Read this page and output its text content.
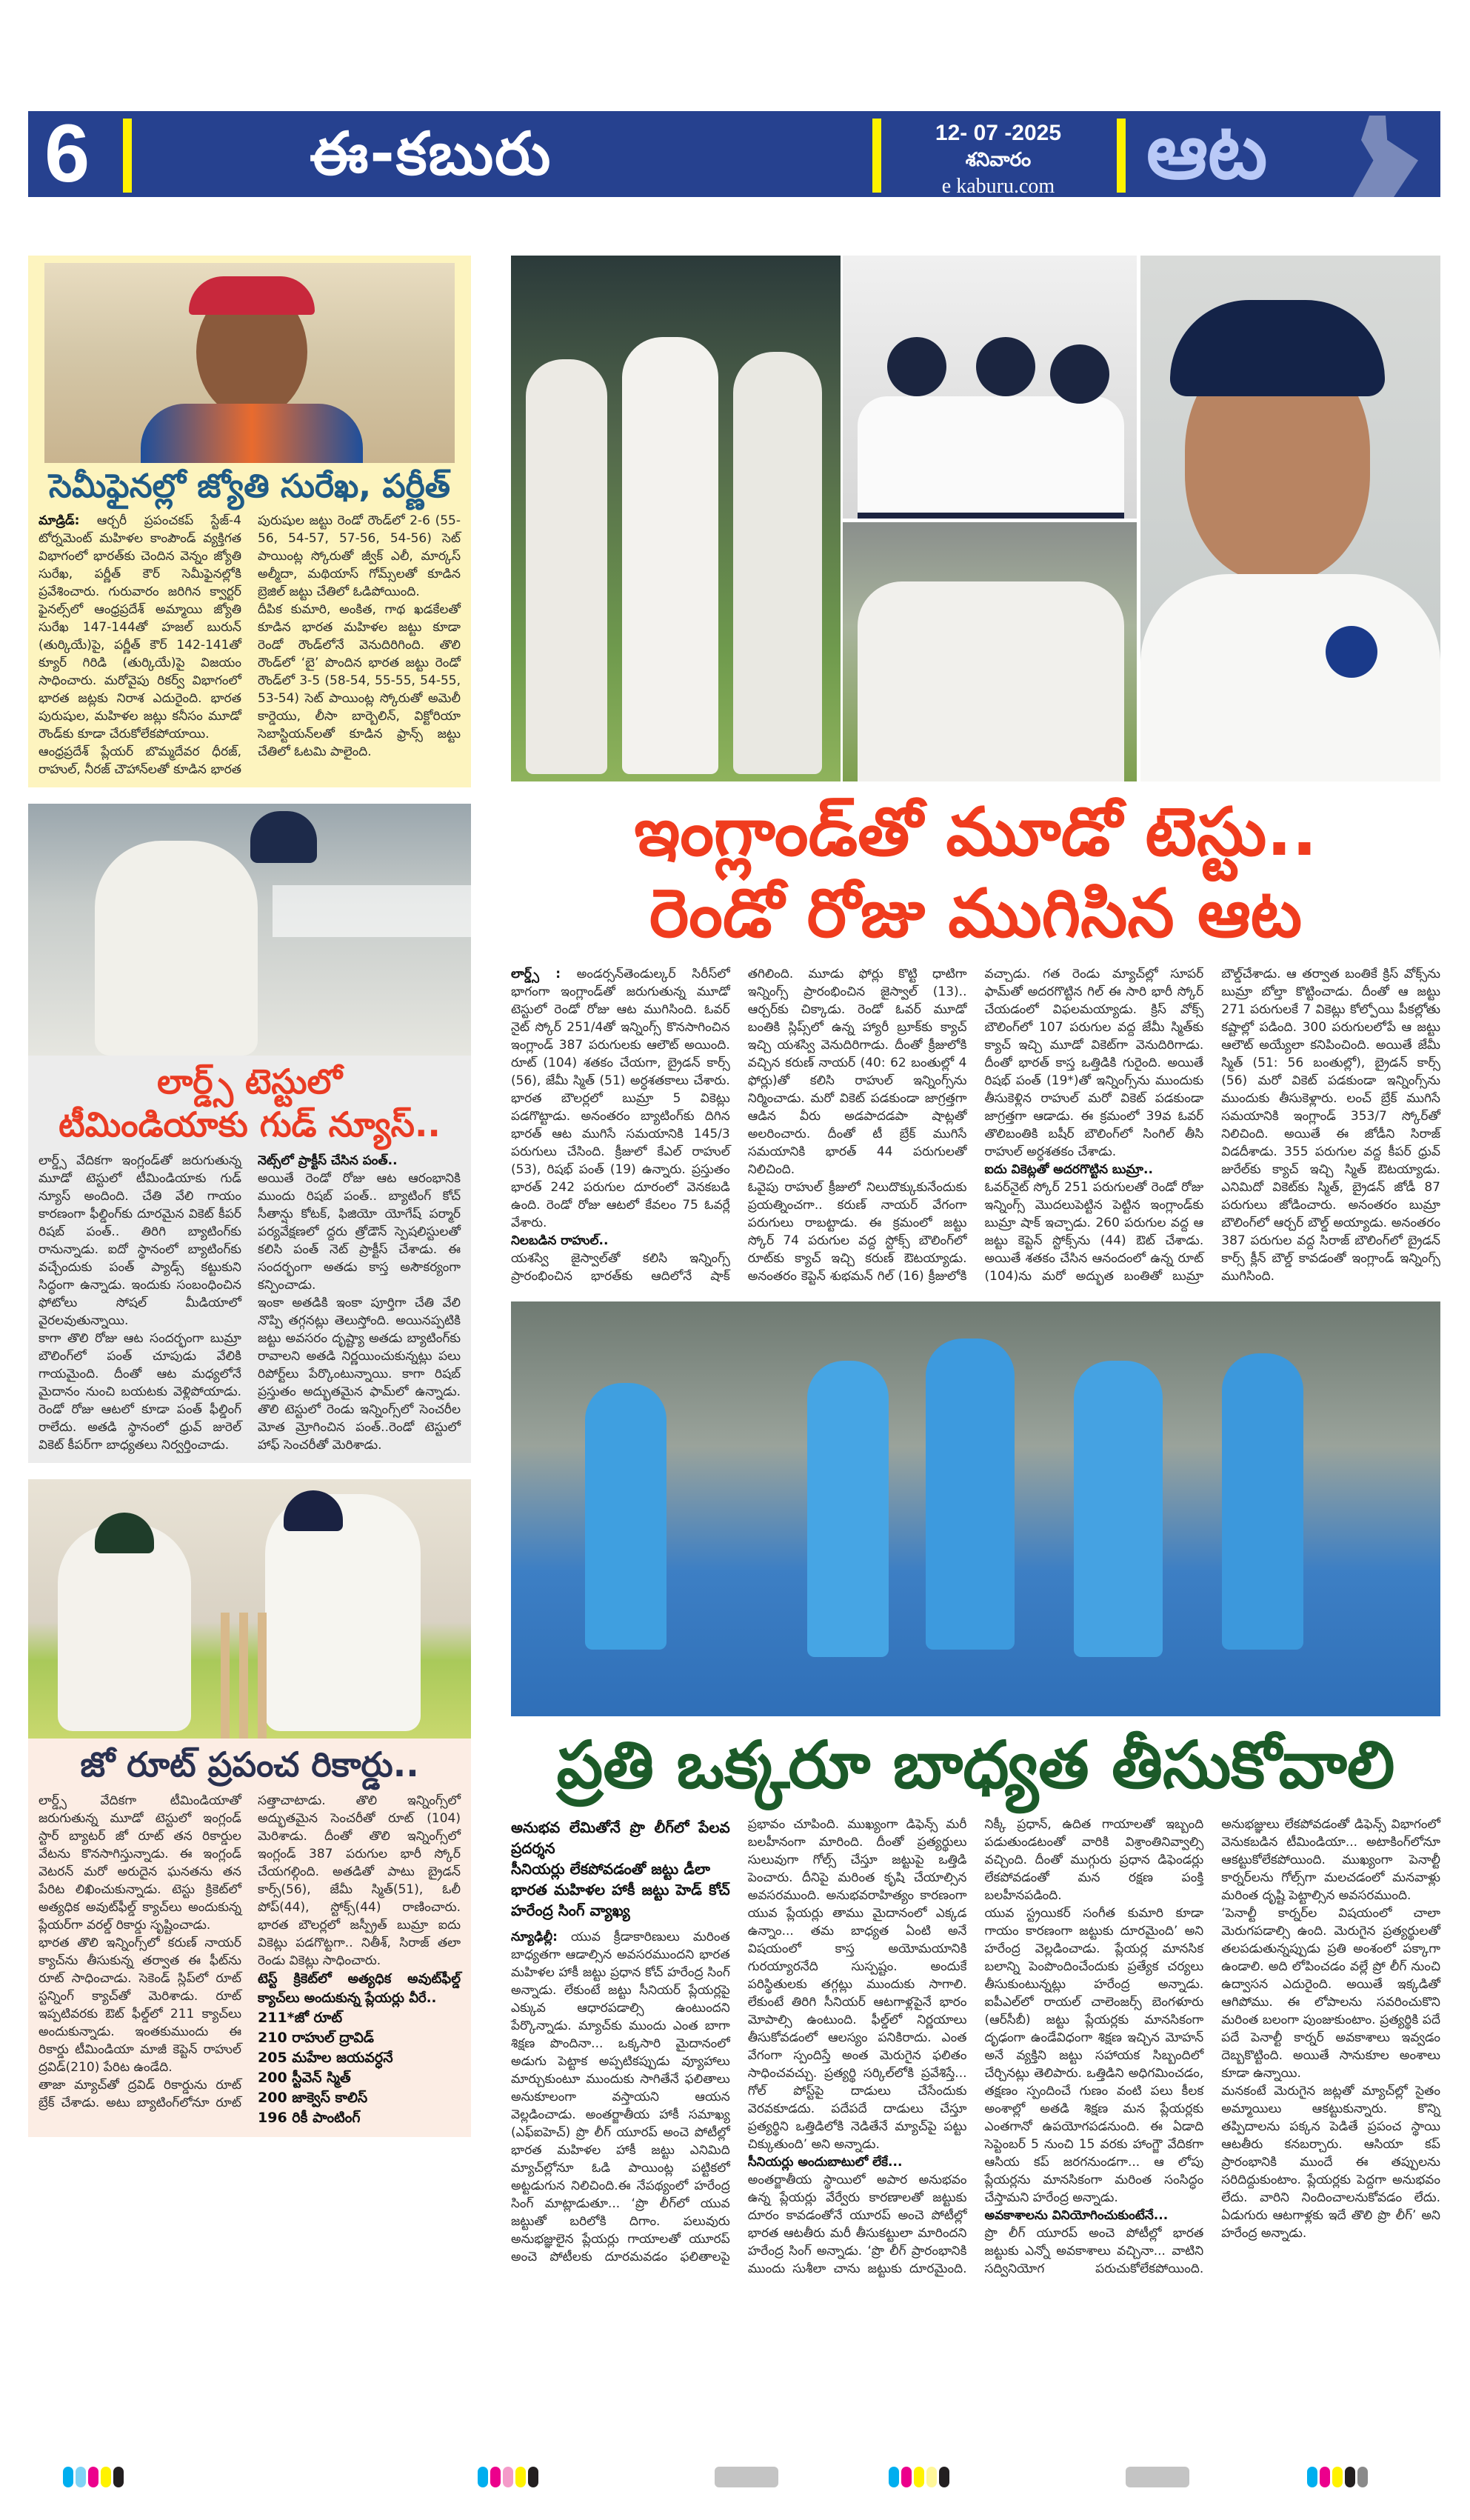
6	ఈ-కబురు	12- 07 -2025
శనివారం
e kaburu.com	ఆట
సెమీఫైనల్లో జ్యోతి సురేఖ, పర్ణీత్

మాడ్రిడ్: ఆర్చరీ ప్రపంచకప్ స్టేజ్-4 టోర్నమెంట్ మహిళల కాంపౌండ్ వ్యక్తిగత విభాగంలో భారత్‌కు చెందిన వెన్నం జ్యోతి సురేఖ, పర్ణీత్ కౌర్ సెమీఫైనల్లోకి ప్రవేశించారు. గురువారం జరిగిన క్వార్టర్ ఫైనల్స్‌లో ఆంధ్రప్రదేశ్ అమ్మాయి జ్యోతి సురేఖ 147-144తో హజల్ బురున్ (తుర్కియే)పై, పర్ణీత్ కౌర్ 142-141తో క్యూర్ గిరిడి (తుర్కియే)పై విజయం సాధించారు. మరోవైపు రికర్వ్ విభాగంలో భారత జట్లకు నిరాశ ఎదురైంది. భారత పురుషుల, మహిళల జట్లు కనీసం మూడో రౌండ్‌కు కూడా చేరుకోలేకపోయాయి.

ఆంధ్రప్రదేశ్ ప్లేయర్ బొమ్మదేవర ధీరజ్, రాహుల్, నీరజ్ చౌహాన్‌లతో కూడిన భారత పురుషుల జట్టు రెండో రౌండ్‌లో 2-6 (55-56, 54-57, 57-56, 54-56) సెట్ పాయింట్ల స్కోరుతో జ్వీక్ ఎలీ, మార్కస్ అల్మీదా, మథియాస్ గోమ్స్‌లతో కూడిన బ్రెజిల్ జట్టు చేతిలో ఓడిపోయింది.

దీపిక కుమారి, అంకిత, గాథ ఖడకేలతో కూడిన భారత మహిళల జట్టు కూడా రెండో రౌండ్‌లోనే వెనుదిరిగింది. తొలి రౌండ్‌లో ‘బై’ పొందిన భారత జట్టు రెండో రౌండ్‌లో 3-5 (58-54, 55-55, 54-55, 53-54) సెట్ పాయింట్ల స్కోరుతో అమెలీ కార్డెయు, లీసా బార్బెలిన్, విక్టోరియా సెబాస్టియన్‌లతో కూడిన ఫ్రాన్స్ జట్టు చేతిలో ఓటమి పాలైంది.

లార్డ్స్ టెస్టులో
టీమిండియాకు గుడ్ న్యూస్..

లార్డ్స్ వేదికగా ఇంగ్లండ్‌తో జరుగుతున్న మూడో టెస్టులో టీమిండియాకు గుడ్ న్యూస్ అందింది. చేతి వేలి గాయం కారణంగా ఫీల్డింగ్‌కు దూరమైన వికెట్ కీపర్ రిషబ్ పంత్.. తిరిగి బ్యాటింగ్‌కు రానున్నాడు. ఐదో స్థానంలో బ్యాటింగ్‌కు వచ్చేందుకు పంత్ ప్యాడ్స్ కట్టుకుని సిద్ధంగా ఉన్నాడు. ఇందుకు సంబంధించిన ఫోటోలు సోషల్ మీడియాలో వైరలవుతున్నాయి.

కాగా తొలి రోజు ఆట సందర్భంగా బుమ్రా బౌలింగ్‌లో పంత్ చూపుడు వేలికి గాయమైంది. దీంతో ఆట మధ్యలోనే మైదానం నుంచి బయటకు వెళ్లిపోయాడు. రెండో రోజు ఆటలో కూడా పంత్ ఫీల్డింగ్ రాలేదు. అతడి స్థానంలో ధ్రువ్ జురెల్ వికెట్ కీపర్‌గా బాధ్యతలు నిర్వర్తించాడు.

నెట్స్‌లో ప్రాక్టీస్ చేసిన పంత్..

అయితే రెండో రోజు ఆట ఆరంభానికి ముందు రిషబ్ పంత్.. బ్యాటింగ్ కోచ్ సీతాన్షు కోటక్, ఫిజియో యోగేష్ పర్మార్ పర్యవేక్షణలో ద్దరు త్రోడౌన్ స్పెషలిస్టులతో కలిసి పంత్ నెట్ ప్రాక్టీస్ చేశాడు. ఈ సందర్భంగా అతడు కాస్త అసౌకర్యంగా కన్పించాడు.

ఇంకా అతడికి ఇంకా పూర్తిగా చేతి వేలి నొప్పి తగ్గనట్లు తెలుస్తోంది. అయినప్పటికి జట్టు అవసరం దృష్ట్యా అతడు బ్యాటింగ్‌కు రావాలని అతడి నిర్ణయించుకున్నట్లు పలు రిపోర్ట్‌లు పేర్కొంటున్నాయి. కాగా రిషబ్ ప్రస్తుతం అద్భుతమైన ఫామ్‌లో ఉన్నాడు. తొలి టెస్టులో రెండు ఇన్నింగ్స్‌లో సెంచరీల మోత మ్రోగించిన పంత్..రెండో టెస్టులో హాఫ్ సెంచరీతో మెరిశాడు.

జో రూట్ ప్రపంచ రికార్డు..

లార్డ్స్ వేదికగా టీమిండియాతో జరుగుతున్న మూడో టెస్టులో ఇంగ్లండ్ స్టార్ బ్యాటర్ జో రూట్ తన రికార్డుల వేటను కొనసాగిస్తున్నాడు. ఈ ఇంగ్లండ్ వెటరన్ మరో అరుదైన ఘనతను తన పేరిట లిఖించుకున్నాడు. టెస్టు క్రికెట్‌లో అత్యధిక అవుట్‌ఫీల్డ్ క్యాచ్‌లు అందుకున్న ప్లేయర్‌గా వరల్డ్ రికార్డు సృష్టించాడు.

భారత తొలి ఇన్నింగ్స్‌లో కరుణ్ నాయర్ క్యాచ్‌ను తీసుకున్న తర్వాత ఈ ఫీట్‌ను రూట్ సాధించాడు. సెకెండ్ స్లిప్‌లో రూట్ స్టన్నింగ్ క్యాచ్‌తో మెరిశాడు. రూట్ ఇప్పటివరకు ఔట్ ఫీల్డ్‌లో 211 క్యాచ్‌లు అందుకున్నాడు. ఇంతకుముందు ఈ రికార్డు టీమిండియా మాజీ కెప్టెన్ రాహుల్ ద్రవిడ్(210) పేరిట ఉండేది.

తాజా మ్యాచ్‌తో ద్రవిడ్ రికార్డును రూట్ బ్రేక్ చేశాడు. అటు బ్యాటింగ్‌లోనూ రూట్ సత్తాచాటాడు. తొలి ఇన్నింగ్స్‌లో అద్భుతమైన సెంచరీతో రూట్ (104) మెరిశాడు. దీంతో తొలి ఇన్నింగ్స్‌లో ఇంగ్లండ్ 387 పరుగుల భారీ స్కోర్ చేయగల్గింది. అతడితో పాటు బ్రైడన్ కార్స్(56), జేమీ స్మిత్(51), ఓలీ పోప్(44), స్టోక్స్(44) రాణించారు. భారత బౌలర్లలో జస్ప్రీత్ బుమ్రా ఐదు వికెట్లు పడగొట్టగా.. నితీశ్, సిరాజ్ తలా రెండు వికెట్లు సాధించారు.

టెస్ట్ క్రికెట్‌లో అత్యధిక అవుట్‌ఫీల్డ్ క్యాచ్‌లు అందుకున్న ప్లేయర్లు వీరే..

211*జో రూట్
210 రాహుల్ ద్రావిడ్
205 మహేల జయవర్ధనే
200 స్టీవెన్ స్మిత్
200 జాక్వెస్ కాలిస్
196 రికీ పాంటింగ్
ఇంగ్లాండ్‌తో మూడో టెస్టు..
రెండో రోజు ముగిసిన ఆట

లార్డ్స్ : అండర్సన్‌తెండుల్కర్ సిరీస్‌లో భాగంగా ఇంగ్లాండ్‌తో జరుగుతున్న మూడో టెస్టులో రెండో రోజు ఆట ముగిసింది. ఓవర్ నైట్ స్కోర్ 251/4తో ఇన్నింగ్స్ కొనసాగించిన ఇంగ్లాండ్ 387 పరుగులకు ఆలౌట్ అయింది. రూట్ (104) శతకం చేయగా, బ్రైడన్ కార్స్ (56), జేమీ స్మిత్ (51) అర్ధశతకాలు చేశారు. భారత బౌలర్లలో బుమ్రా 5 వికెట్లు పడగొట్టాడు. అనంతరం బ్యాటింగ్‌కు దిగిన భారత్ ఆట ముగిసే సమయానికి 145/3 పరుగులు చేసింది. క్రీజులో కేఎల్ రాహుల్ (53), రిషభ్ పంత్ (19) ఉన్నారు. ప్రస్తుతం భారత్ 242 పరుగుల దూరంలో వెనకబడి ఉంది. రెండో రోజు ఆటలో కేవలం 75 ఓవర్లే వేశారు.

నిలబడిన రాహుల్..

యశస్వి జైస్వాల్‌తో కలిసి ఇన్నింగ్స్ ప్రారంభించిన భారత్‌కు ఆదిలోనే షాక్ తగిలింది. మూడు ఫోర్లు కొట్టి ధాటిగా ఇన్నింగ్స్ ప్రారంభించిన జైస్వాల్ (13).. ఆర్చర్‌కు చిక్కాడు. రెండో ఓవర్ మూడో బంతికి స్లిప్స్‌లో ఉన్న హ్యారీ బ్రూక్‌కు క్యాచ్ ఇచ్చి యశస్వి వెనుదిరిగాడు. దీంతో క్రీజులోకి వచ్చిన కరుణ్ నాయర్ (40: 62 బంతుల్లో 4 ఫోర్లు)తో కలిసి రాహుల్ ఇన్నింగ్స్‌ను నిర్మించాడు. మరో వికెట్ పడకుండా జాగ్రత్తగా ఆడిన వీరు అడపాదడపా షాట్లతో అలరించారు. దీంతో టీ బ్రేక్ ముగిసే సమయానికి భారత్ 44 పరుగులతో నిలిచింది.

ఓవైపు రాహుల్ క్రీజులో నిలుదొక్కుకునేందుకు ప్రయత్నించగా.. కరుణ్ నాయర్ వేగంగా పరుగులు రాబట్టాడు. ఈ క్రమంలో జట్టు స్కోర్ 74 పరుగుల వద్ద స్టోక్స్ బౌలింగ్‌లో రూట్‌కు క్యాచ్ ఇచ్చి కరుణ్ ఔటయ్యాడు. అనంతరం కెప్టెన్ శుభమన్ గిల్ (16) క్రీజులోకి వచ్చాడు. గత రెండు మ్యాచ్‌ల్లో సూపర్ ఫామ్‌తో అదరగొట్టిన గిల్ ఈ సారి భారీ స్కోర్ చేయడంలో విఫలమయ్యాడు. క్రిస్ వోక్స్ బౌలింగ్‌లో 107 పరుగుల వద్ద జేమీ స్మిత్‌కు క్యాచ్ ఇచ్చి మూడో వికెట్‌గా వెనుదిరిగాడు. దీంతో భారత్ కాస్త ఒత్తిడికి గురైంది. అయితే రిషభ్ పంత్ (19*)తో ఇన్నింగ్స్‌ను ముందుకు తీసుకెళ్లిన రాహుల్ మరో వికెట్ పడకుండా జాగ్రత్తగా ఆడాడు. ఈ క్రమంలో 39వ ఓవర్ తొలిబంతికి బషీర్ బౌలింగ్‌లో సింగిల్ తీసి రాహుల్ అర్ధశతకం చేశాడు.

ఐదు వికెట్లతో అదరగొట్టిన బుమ్రా..

ఓవర్‌నైట్ స్కోర్ 251 పరుగులతో రెండో రోజు ఇన్నింగ్స్ మొదలుపెట్టిన పెట్టిన ఇంగ్లాండ్‌కు బుమ్రా షాక్ ఇచ్చాడు. 260 పరుగుల వద్ద ఆ జట్టు కెప్టెన్ స్టోక్స్‌ను (44) ఔట్ చేశాడు. అయితే శతకం చేసిన ఆనందంలో ఉన్న రూట్ (104)ను మరో అద్భుత బంతితో బుమ్రా బౌల్డ్‌చేశాడు. ఆ తర్వాత బంతికే క్రిస్ వోక్స్‌ను బుమ్రా బోల్తా కొట్టించాడు. దీంతో ఆ జట్టు 271 పరుగులకే 7 వికెట్లు కోల్పోయి పీకల్లోతు కష్టాల్లో పడింది. 300 పరుగులలోపే ఆ జట్టు ఆలౌట్ అయ్యేలా కనిపించింది. అయితే జేమీ స్మిత్ (51: 56 బంతుల్లో), బ్రైడన్ కార్స్ (56) మరో వికెట్ పడకుండా ఇన్నింగ్స్‌ను ముందుకు తీసుకెళ్లారు. లంచ్ బ్రేక్ ముగిసే సమయానికి ఇంగ్లాండ్ 353/7 స్కోర్‌తో నిలిచింది. అయితే ఈ జోడీని సిరాజ్ విడదీశాడు. 355 పరుగుల వద్ద కీపర్ ధ్రువ్ జురేల్‌కు క్యాచ్ ఇచ్చి స్మిత్ ఔటయ్యాడు. ఎనిమిదో వికెట్‌కు స్మిత్, బ్రైడన్ జోడీ 87 పరుగులు జోడించారు. అనంతరం బుమ్రా బౌలింగ్‌లో ఆర్చర్ బౌల్డ్ అయ్యాడు. అనంతరం 387 పరుగుల వద్ద సిరాజ్ బౌలింగ్‌లో బ్రైడన్ కార్స్ క్లీన్ బౌల్డ్ కావడంతో ఇంగ్లాండ్ ఇన్నింగ్స్ ముగిసింది.

ప్రతి ఒక్కరూ బాధ్యత తీసుకోవాలి
అనుభవ లేమితోనే ప్రొ లీగ్‌లో పేలవ ప్రదర్శన
సీనియర్లు లేకపోవడంతో జట్టు డీలా
భారత మహిళల హాకీ జట్టు హెడ్ కోచ్ హరేంద్ర సింగ్ వ్యాఖ్య

న్యూఢిల్లీ: యువ క్రీడాకారిణులు మరింత బాధ్యతగా ఆడాల్సిన అవసరముందని భారత మహిళల హాకీ జట్టు ప్రధాన కోచ్ హరేంద్ర సింగ్ అన్నాడు. లేకుంటే జట్టు సీనియర్ ప్లేయర్లపై ఎక్కువ ఆధారపడాల్సి ఉంటుందని పేర్కొన్నాడు. మ్యాచ్‌కు ముందు ఎంత బాగా శిక్షణ పొందినా... ఒక్కసారి మైదానంలో అడుగు పెట్టాక అప్పటికప్పుడు వ్యూహాలు మార్చుకుంటూ ముందుకు సాగితేనే ఫలితాలు అనుకూలంగా వస్తాయని ఆయన వెల్లడించాడు. అంతర్జాతీయ హాకీ సమాఖ్య (ఎఫ్ఐహెచ్) ప్రొ లీగ్ యూరప్ అంచె పోటీల్లో భారత మహిళల హాకీ జట్టు ఎనిమిది మ్యాచ్‌ల్లోనూ ఓడి పాయింట్ల పట్టికలో అట్టడుగున నిలిచింది.ఈ నేపథ్యంలో హరేంద్ర సింగ్ మాట్లాడుతూ... ‘ప్రొ లీగ్‌లో యువ జట్టుతో బరిలోకి దిగాం. పలువురు అనుభజ్ఞులైన ప్లేయర్లు గాయాలతో యూరప్ అంచె పోటీలకు దూరమవడం ఫలితాలపై ప్రభావం చూపింది. ముఖ్యంగా డిఫెన్స్ మరీ బలహీనంగా మారింది. దీంతో ప్రత్యర్థులు సులువుగా గోల్స్ చేస్తూ జట్టుపై ఒత్తిడి పెంచారు. దీనిపై మరింత కృషి చేయాల్సిన అవసరముంది. అనుభవరాహిత్యం కారణంగా యువ ప్లేయర్లు తాము మైదానంలో ఎక్కడ ఉన్నాం... తమ బాధ్యత ఏంటి అనే విషయంలో కాస్త అయోమయానికి గురయ్యారనేది సుస్పష్టం. అందుకే పరిస్థితులకు తగ్గట్లు ముందుకు సాగాలి. లేకుంటే తిరిగి సీనియర్ ఆటగాళ్లపైనే భారం మోపాల్సి ఉంటుంది. ఫీల్డ్‌లో నిర్ణయాలు తీసుకోవడంలో ఆలస్యం పనికిరాదు. ఎంత వేగంగా స్పందిస్తే అంత మెరుగైన ఫలితం సాధించవచ్చు. ప్రత్యర్థి సర్కిల్‌లోకి ప్రవేశిస్తే... గోల్ పోస్ట్‌పై దాడులు చేసేందుకు వెరవకూడదు. పదేపదే దాడులు చేస్తూ ప్రత్యర్థిని ఒత్తిడిలోకి నెడితేనే మ్యాచ్‌పై పట్టు చిక్కుతుంది’ అని అన్నాడు.

సీనియర్లు అందుబాటులో లేకే...

అంతర్జాతీయ స్థాయిలో అపార అనుభవం ఉన్న ప్లేయర్లు వేర్వేరు కారణాలతో జట్టుకు దూరం కావడంతోనే యూరప్ అంచె పోటీల్లో భారత ఆటతీరు మరీ తీసుకట్టులా మారిందని హరేంద్ర సింగ్ అన్నాడు. ‘ప్రొ లీగ్ ప్రారంభానికి ముందు సుశీలా చాను జట్టుకు దూరమైంది. నిక్కీ ప్రధాన్, ఉదిత గాయాలతో ఇబ్బంది పడుతుండటంతో వారికి విశ్రాంతినివ్వాల్సి వచ్చింది. దీంతో ముగ్గురు ప్రధాన డిఫెండర్లు లేకపోవడంతో మన రక్షణ పంక్తి బలహీనపడింది.

యువ స్ట్రయికర్ సంగీత కుమారి కూడా గాయం కారణంగా జట్టుకు దూరమైంది’ అని హరేంద్ర వెల్లడించాడు. ప్లేయర్ల మానసిక బలాన్ని పెంపొందించేందుకు ప్రత్యేక చర్యలు తీసుకుంటున్నట్లు హరేంద్ర అన్నాడు. ఐపీఎల్‌లో రాయల్ చాలెంజర్స్ బెంగళూరు (ఆర్‌సీబీ) జట్టు ప్లేయర్లకు మానసికంగా దృఢంగా ఉండేవిధంగా శిక్షణ ఇచ్చిన మోహన్ అనే వ్యక్తిని జట్టు సహాయక సిబ్బందిలో చేర్చినట్లు తెలిపారు. ఒత్తిడిని అధిగమించడం, తక్షణం స్పందించే గుణం వంటి పలు కీలక అంశాల్లో అతడి శిక్షణ మన ప్లేయర్లకు ఎంతగానో ఉపయోగపడనుంది. ఈ ఏడాది సెప్టెంబర్ 5 నుంచి 15 వరకు హాంగ్జౌ వేదికగా ఆసియ కప్ జరగనుండగా... ఆ లోపు ప్లేయర్లను మానసికంగా మరింత సంసిద్ధం చేస్తామని హరేంద్ర అన్నాడు.

అవకాశాలను వినియోగించుకుంటేనే...

ప్రొ లీగ్ యూరప్ అంచె పోటీల్లో భారత జట్టుకు ఎన్నో అవకాశాలు వచ్చినా... వాటిని సద్వినియోగ పరుచుకోలేకపోయింది. అనుభజ్ఞులు లేకపోవడంతో డిఫెన్స్ విభాగంలో వెనుకబడిన టీమిండియా... అటాకింగ్‌లోనూ ఆకట్టుకోలేకపోయింది. ముఖ్యంగా పెనాల్టీ కార్నర్‌లను గోల్స్‌గా మలచడంలో మనవాళ్లు మరింత దృష్టి పెట్టాల్సిన అవసరముంది.

‘పెనాల్టీ కార్నర్‌ల విషయంలో చాలా మెరుగపడాల్సి ఉంది. మెరుగైన ప్రత్యర్థులతో తలపడుతున్నప్పుడు ప్రతి అంశంలో పక్కాగా ఉండాలి. అది లోపించడం వల్లే ప్రో లీగ్ నుంచి ఉద్వాసన ఎదురైంది. అయితే ఇక్కడితో ఆగిపోము. ఈ లోపాలను సవరించుకొని మరింత బలంగా పుంజుకుంటాం. ప్రత్యర్థికి పదే పదే పెనాల్టీ కార్నర్ అవకాశాలు ఇవ్వడం దెబ్బకొట్టింది. అయితే సానుకూల అంశాలు కూడా ఉన్నాయి.

మనకంటే మెరుగైన జట్లతో మ్యాచ్‌ల్లో సైతం అమ్మాయిలు ఆకట్టుకున్నారు. కొన్ని తప్పిదాలను పక్కన పెడితే ప్రపంచ స్థాయి ఆటతీరు కనబర్చారు. ఆసియా కప్ ప్రారంభానికి ముందే ఈ తప్పులను సరిదిద్దుకుంటాం. ప్లేయర్లకు పెద్దగా అనుభవం లేదు. వారిని నిందించాలనుకోవడం లేదు. ఏడుగురు ఆటగాళ్లకు ఇదే తొలి ప్రొ లీగ్’ అని హరేంద్ర అన్నాడు.
